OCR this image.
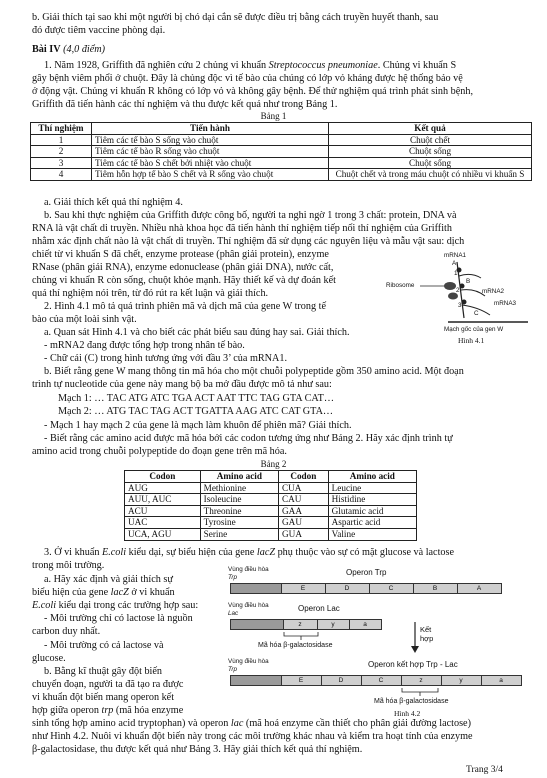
b. Giải thích tại sao khi một người bị chó dại cắn sẽ được điều trị bằng cách truyền huyết thanh, sau

đó được tiêm vaccine phòng dại.

Bài IV (4,0 điểm)

1. Năm 1928, Griffith đã nghiên cứu 2 chủng vi khuẩn Streptococcus pneumoniae. Chủng vi khuẩn S

gây bệnh viêm phổi ở chuột. Đây là chủng độc vì tế bào của chúng có lớp vỏ kháng được hệ thống bảo vệ

ở động vật. Chủng vi khuẩn R không có lớp vỏ và không gây bệnh. Để thử nghiệm quá trình phát sinh bệnh,

Griffith đã tiến hành các thí nghiệm và thu được kết quả như trong Bảng 1.

Bảng 1

Thí nghiệm	Tiến hành	Kết quả
1	Tiêm các tế bào S sống vào chuột	Chuột chết
2	Tiêm các tế bào R sống vào chuột	Chuột sống
3	Tiêm các tế bào S chết bởi nhiệt vào chuột	Chuột sống
4	Tiêm hỗn hợp tế bào S chết và R sống vào chuột	Chuột chết và trong máu chuột có nhiều vi khuẩn S

a. Giải thích kết quả thí nghiệm 4.

b. Sau khi thực nghiệm của Griffith được công bố, người ta nghi ngờ 1 trong 3 chất: protein, DNA và

RNA là vật chất di truyền. Nhiều nhà khoa học đã tiến hành thí nghiệm tiếp nối thí nghiệm của Griffith

nhằm xác định chất nào là vật chất di truyền. Thí nghiệm đã sử dụng các nguyên liệu và mẫu vật sau: dịch

chiết từ vi khuẩn S đã chết, enzyme protease (phân giải protein), enzyme

RNase (phân giải RNA), enzyme edonuclease (phân giải DNA), nước cất,

chủng vi khuẩn R còn sống, chuột khỏe mạnh. Hãy thiết kế và dự đoán kết

quả thí nghiệm nói trên, từ đó rút ra kết luận và giải thích.

mRNA1
Ribosome
mRNA2
mRNA3
A
B
C
1
2
3
Mạch gốc của gen W
Hình 4.1

2. Hình 4.1 mô tả quá trình phiên mã và dịch mã của gene W trong tế

bào của một loài sinh vật.

a. Quan sát Hình 4.1 và cho biết các phát biểu sau đúng hay sai. Giải thích.

- mRNA2 đang được tổng hợp trong nhân tế bào.

- Chữ cái (C) trong hình tương ứng với đầu 3’ của mRNA1.

b. Biết rằng gene W mang thông tin mã hóa cho một chuỗi polypeptide gồm 350 amino acid. Một đoạn

trình tự nucleotide của gene này mang bộ ba mở đầu được mô tả như sau:

Mạch 1: … TAC ATG ATC TGA ACT AAT TTC TAG GTA CAT…

Mạch 2: … ATG TAC TAG ACT TGATTA AAG ATC CAT GTA…

- Mạch 1 hay mạch 2 của gene là mạch làm khuôn để phiên mã? Giải thích.

- Biết rằng các amino acid được mã hóa bởi các codon tương ứng như Bảng 2. Hãy xác định trình tự

amino acid trong chuỗi polypeptide do đoạn gene trên mã hóa.

Bảng 2

Codon	Amino acid	Codon	Amino acid
AUG	Methionine	CUA	Leucine
AUU, AUC	Isoleucine	CAU	Histidine
ACU	Threonine	GAA	Glutamic acid
UAC	Tyrosine	GAU	Aspartic acid
UCA, AGU	Serine	GUA	Valine

3. Ở vi khuẩn E.coli kiểu dại, sự biểu hiện của gene lacZ phụ thuộc vào sự có mặt glucose và lactose

trong môi trường.

a. Hãy xác định và giải thích sự

biểu hiện của gene lacZ ở vi khuẩn

E.coli kiểu dại trong các trường hợp sau:

- Môi trường chỉ có lactose là nguồn

carbon duy nhất.

- Môi trường có cả lactose và

glucose.

b. Bằng kĩ thuật gây đột biến

chuyển đoạn, người ta đã tạo ra được

vi khuẩn đột biến mang operon kết

hợp giữa operon trp (mã hóa enzyme

sinh tổng hợp amino acid tryptophan) và operon lac (mã hoá enzyme cần thiết cho phân giải đường lactose)

như Hình 4.2. Nuôi vi khuẩn đột biến này trong các môi trường khác nhau và kiểm tra hoạt tính của enzyme

β-galactosidase, thu được kết quả như Bảng 3. Hãy giải thích kết quả thí nghiệm.

Vùng điều hòa
Trp
Operon Trp
E	D	C	B	A
Vùng điều hòa
Lac
Operon Lac
z	y	a
Mã hóa β-galactosidase
Kết
hợp
Vùng điều hòa
Trp
Operon kết hợp Trp - Lac
E	D	C	z	y	a
Mã hóa β-galactosidase
Hình 4.2

Trang 3/4
